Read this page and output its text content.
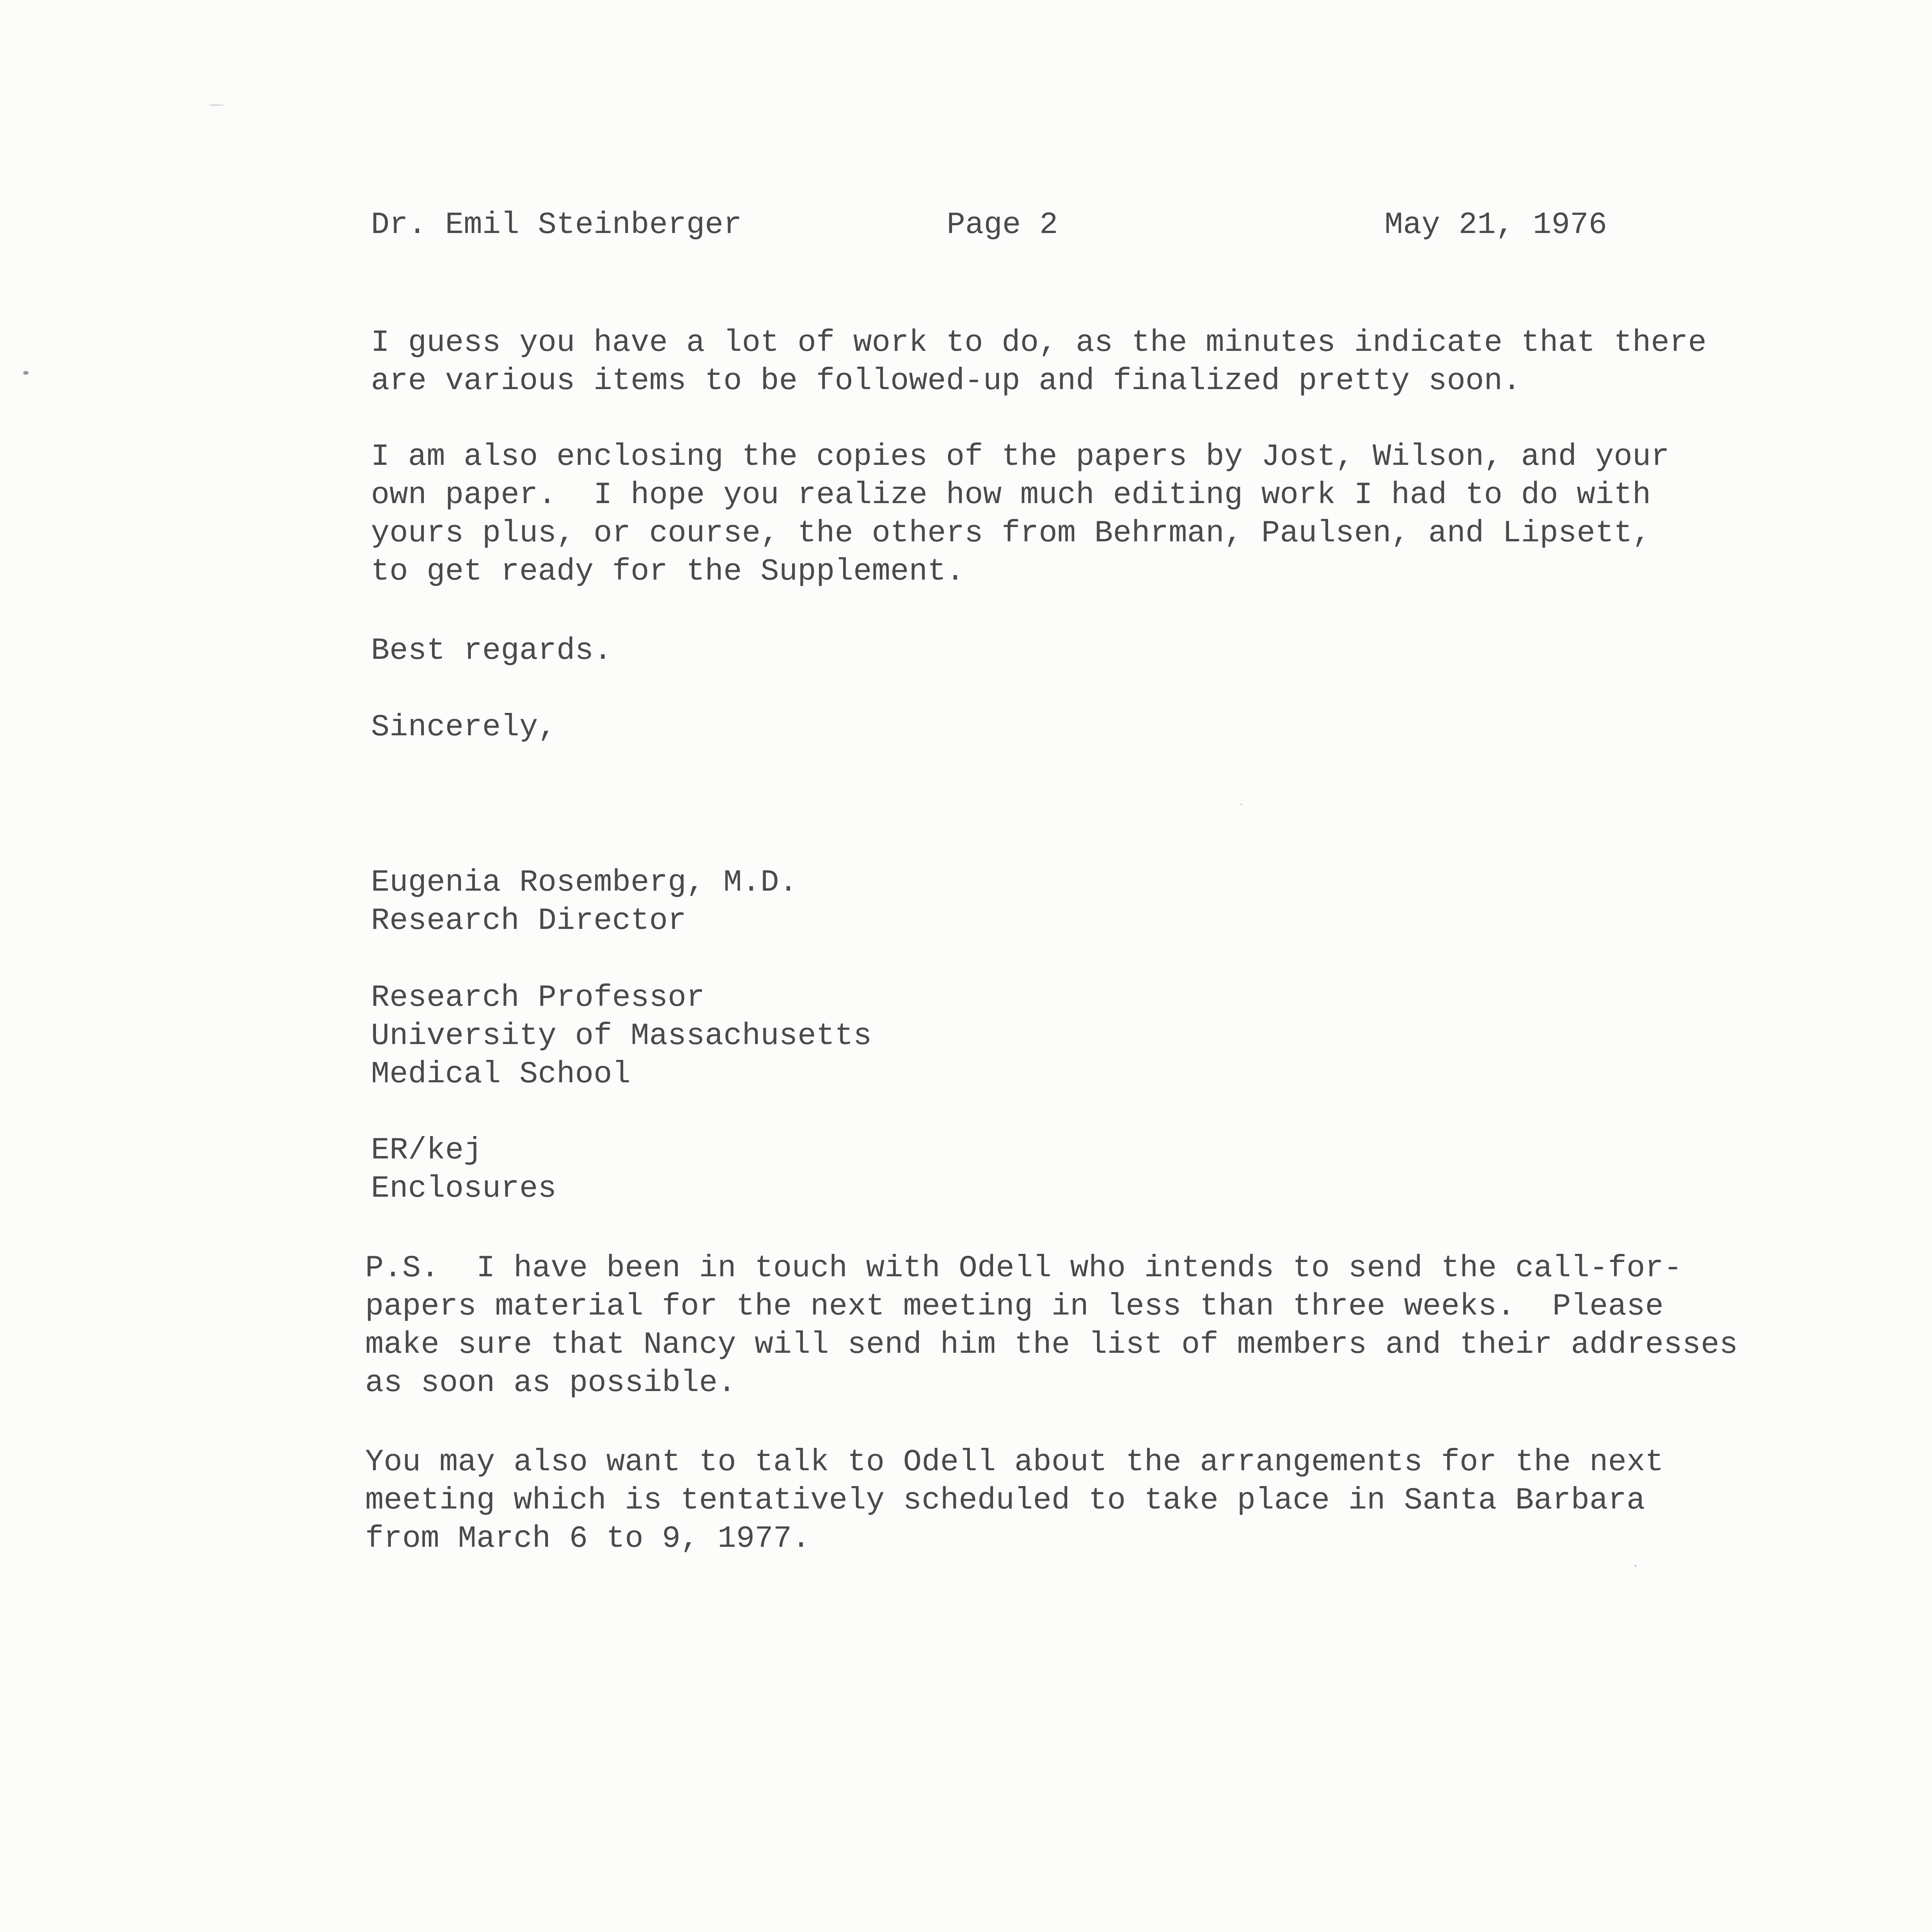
Dr. Emil Steinberger	Page 2	May 21, 1976
I guess you have a lot of work to do, as the minutes indicate that there
are various items to be followed-up and finalized pretty soon.
I am also enclosing the copies of the papers by Jost, Wilson, and your
own paper.  I hope you realize how much editing work I had to do with
yours plus, or course, the others from Behrman, Paulsen, and Lipsett,
to get ready for the Supplement.
Best regards.
Sincerely,
Eugenia Rosemberg, M.D.
Research Director
Research Professor
University of Massachusetts
Medical School
ER/kej
Enclosures
P.S.  I have been in touch with Odell who intends to send the call-for-
papers material for the next meeting in less than three weeks.  Please
make sure that Nancy will send him the list of members and their addresses
as soon as possible.
You may also want to talk to Odell about the arrangements for the next
meeting which is tentatively scheduled to take place in Santa Barbara
from March 6 to 9, 1977.
